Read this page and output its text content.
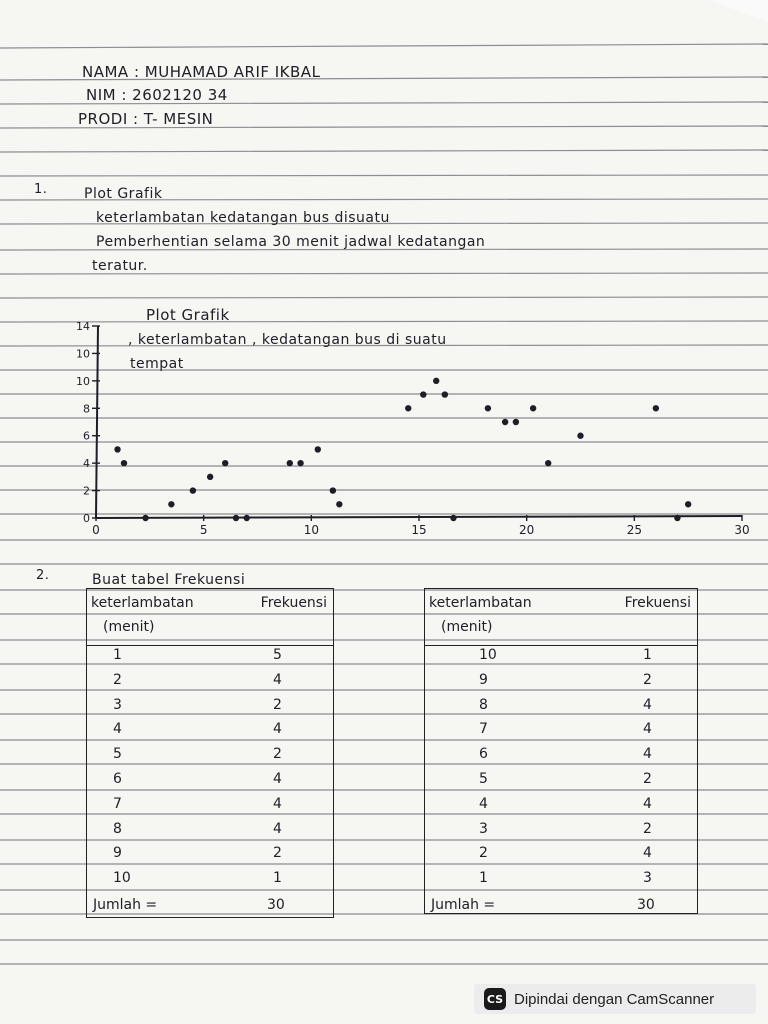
NAMA : MUHAMAD ARIF IKBAL
NIM : 2602120 34
PRODI : T- MESIN
1.	Plot Grafik
keterlambatan kedatangan bus disuatu
Pemberhentian selama 30 menit jadwal kedatangan
teratur.
Plot Grafik
, keterlambatan , kedatangan bus di suatu
tempat
0	5	10	15	20	25	30
0
2
4
6
8
10
10
14
2.	Buat tabel Frekuensi
keterlambatan
(menit)
Frekuensi
1	5
2	4
3	2
4	4
5	2
6	4
7	4
8	4
9	2
10	1
Jumlah =	30
keterlambatan
(menit)
Frekuensi
10	1
9	2
8	4
7	4
6	4
5	2
4	4
3	2
2	4
1	3
Jumlah =	30
CS Dipindai dengan CamScanner
